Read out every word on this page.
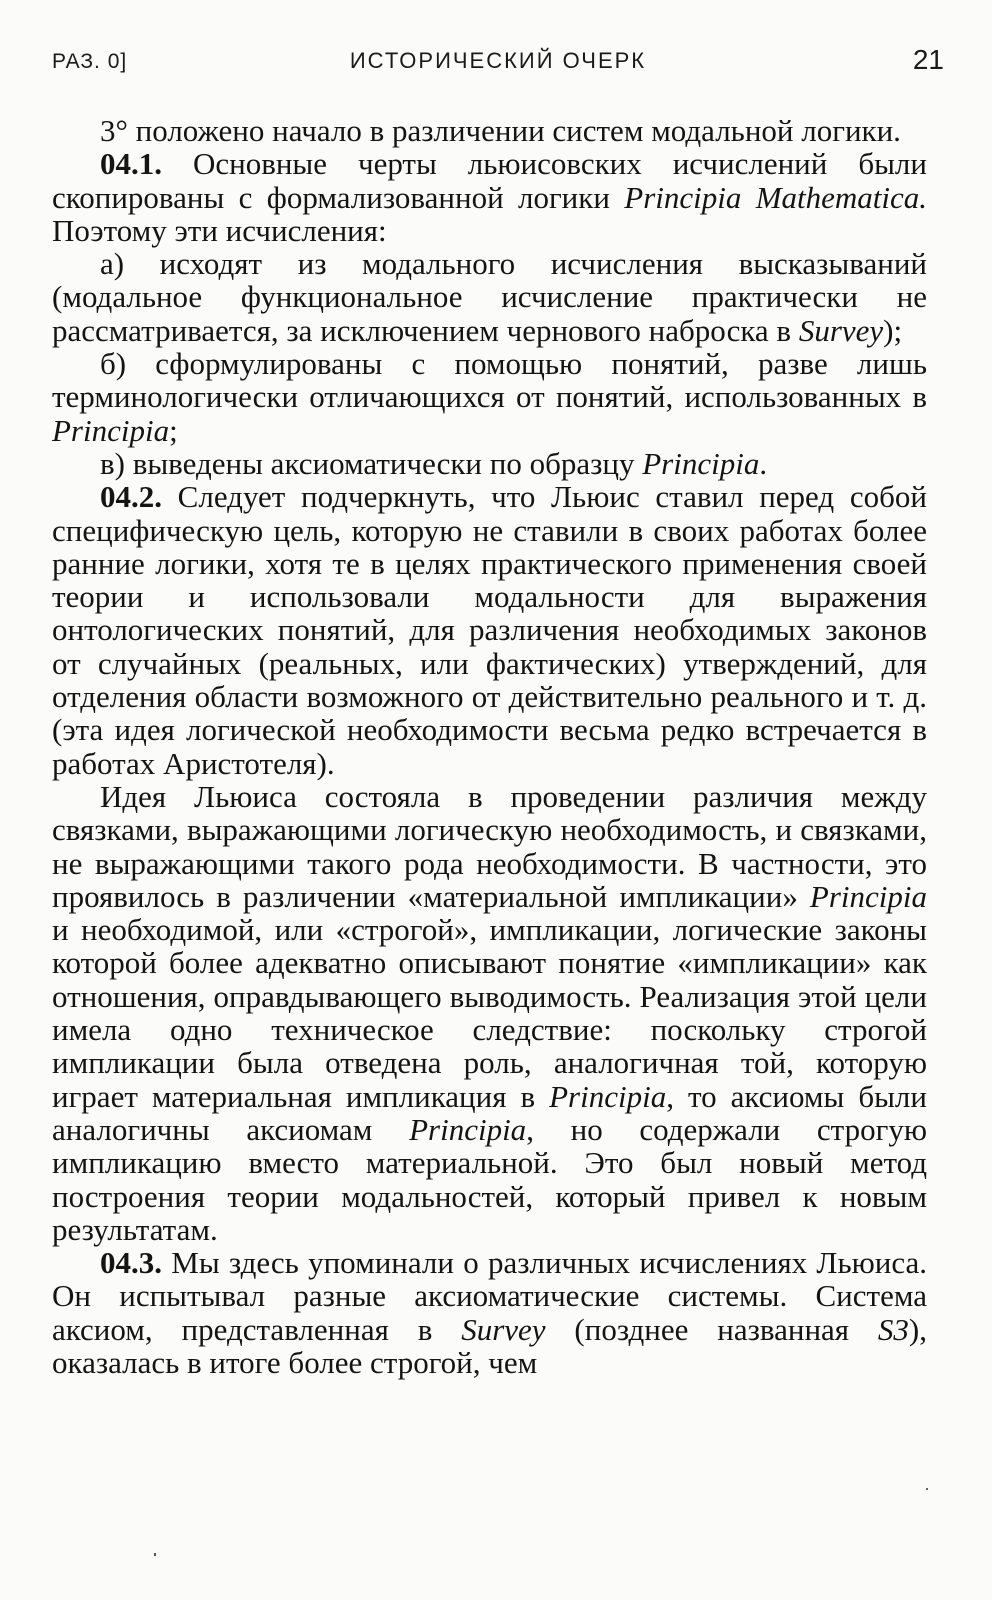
РАЗ. 0]	ИСТОРИЧЕСКИЙ ОЧЕРК	21

3° положено начало в различении систем модальной логики.

04.1. Основные черты льюисовских исчислений были скопированы с формализованной логики Principia Mathematica. Поэтому эти исчисления:

а) исходят из модального исчисления высказываний (модальное функциональное исчисление практически не рассматривается, за исключением чернового наброска в Survey);

б) сформулированы с помощью понятий, разве лишь терминологически отличающихся от понятий, использованных в Principia;

в) выведены аксиоматически по образцу Principia.

04.2. Следует подчеркнуть, что Льюис ставил перед собой специфическую цель, которую не ставили в своих работах более ранние логики, хотя те в целях практического применения своей теории и использовали модальности для выражения онтологических понятий, для различения необходимых законов от случайных (реальных, или фактических) утверждений, для отделения области возможного от действительно реального и т. д. (эта идея логической необходимости весьма редко встречается в работах Аристотеля).

Идея Льюиса состояла в проведении различия между связками, выражающими логическую необходимость, и связками, не выражающими такого рода необходимости. В частности, это проявилось в различении «материальной импликации» Principia и необходимой, или «строгой», импликации, логические законы которой более адекватно описывают понятие «импликации» как отношения, оправдывающего выводимость. Реализация этой цели имела одно техническое следствие: поскольку строгой импликации была отведена роль, аналогичная той, которую играет материальная импликация в Principia, то аксиомы были аналогичны аксиомам Principia, но содержали строгую импликацию вместо материальной. Это был новый метод построения теории модальностей, который привел к новым результатам.

04.3. Мы здесь упоминали о различных исчислениях Льюиса. Он испытывал разные аксиоматические системы. Система аксиом, представленная в Survey (позднее названная S3), оказалась в итоге более строгой, чем
